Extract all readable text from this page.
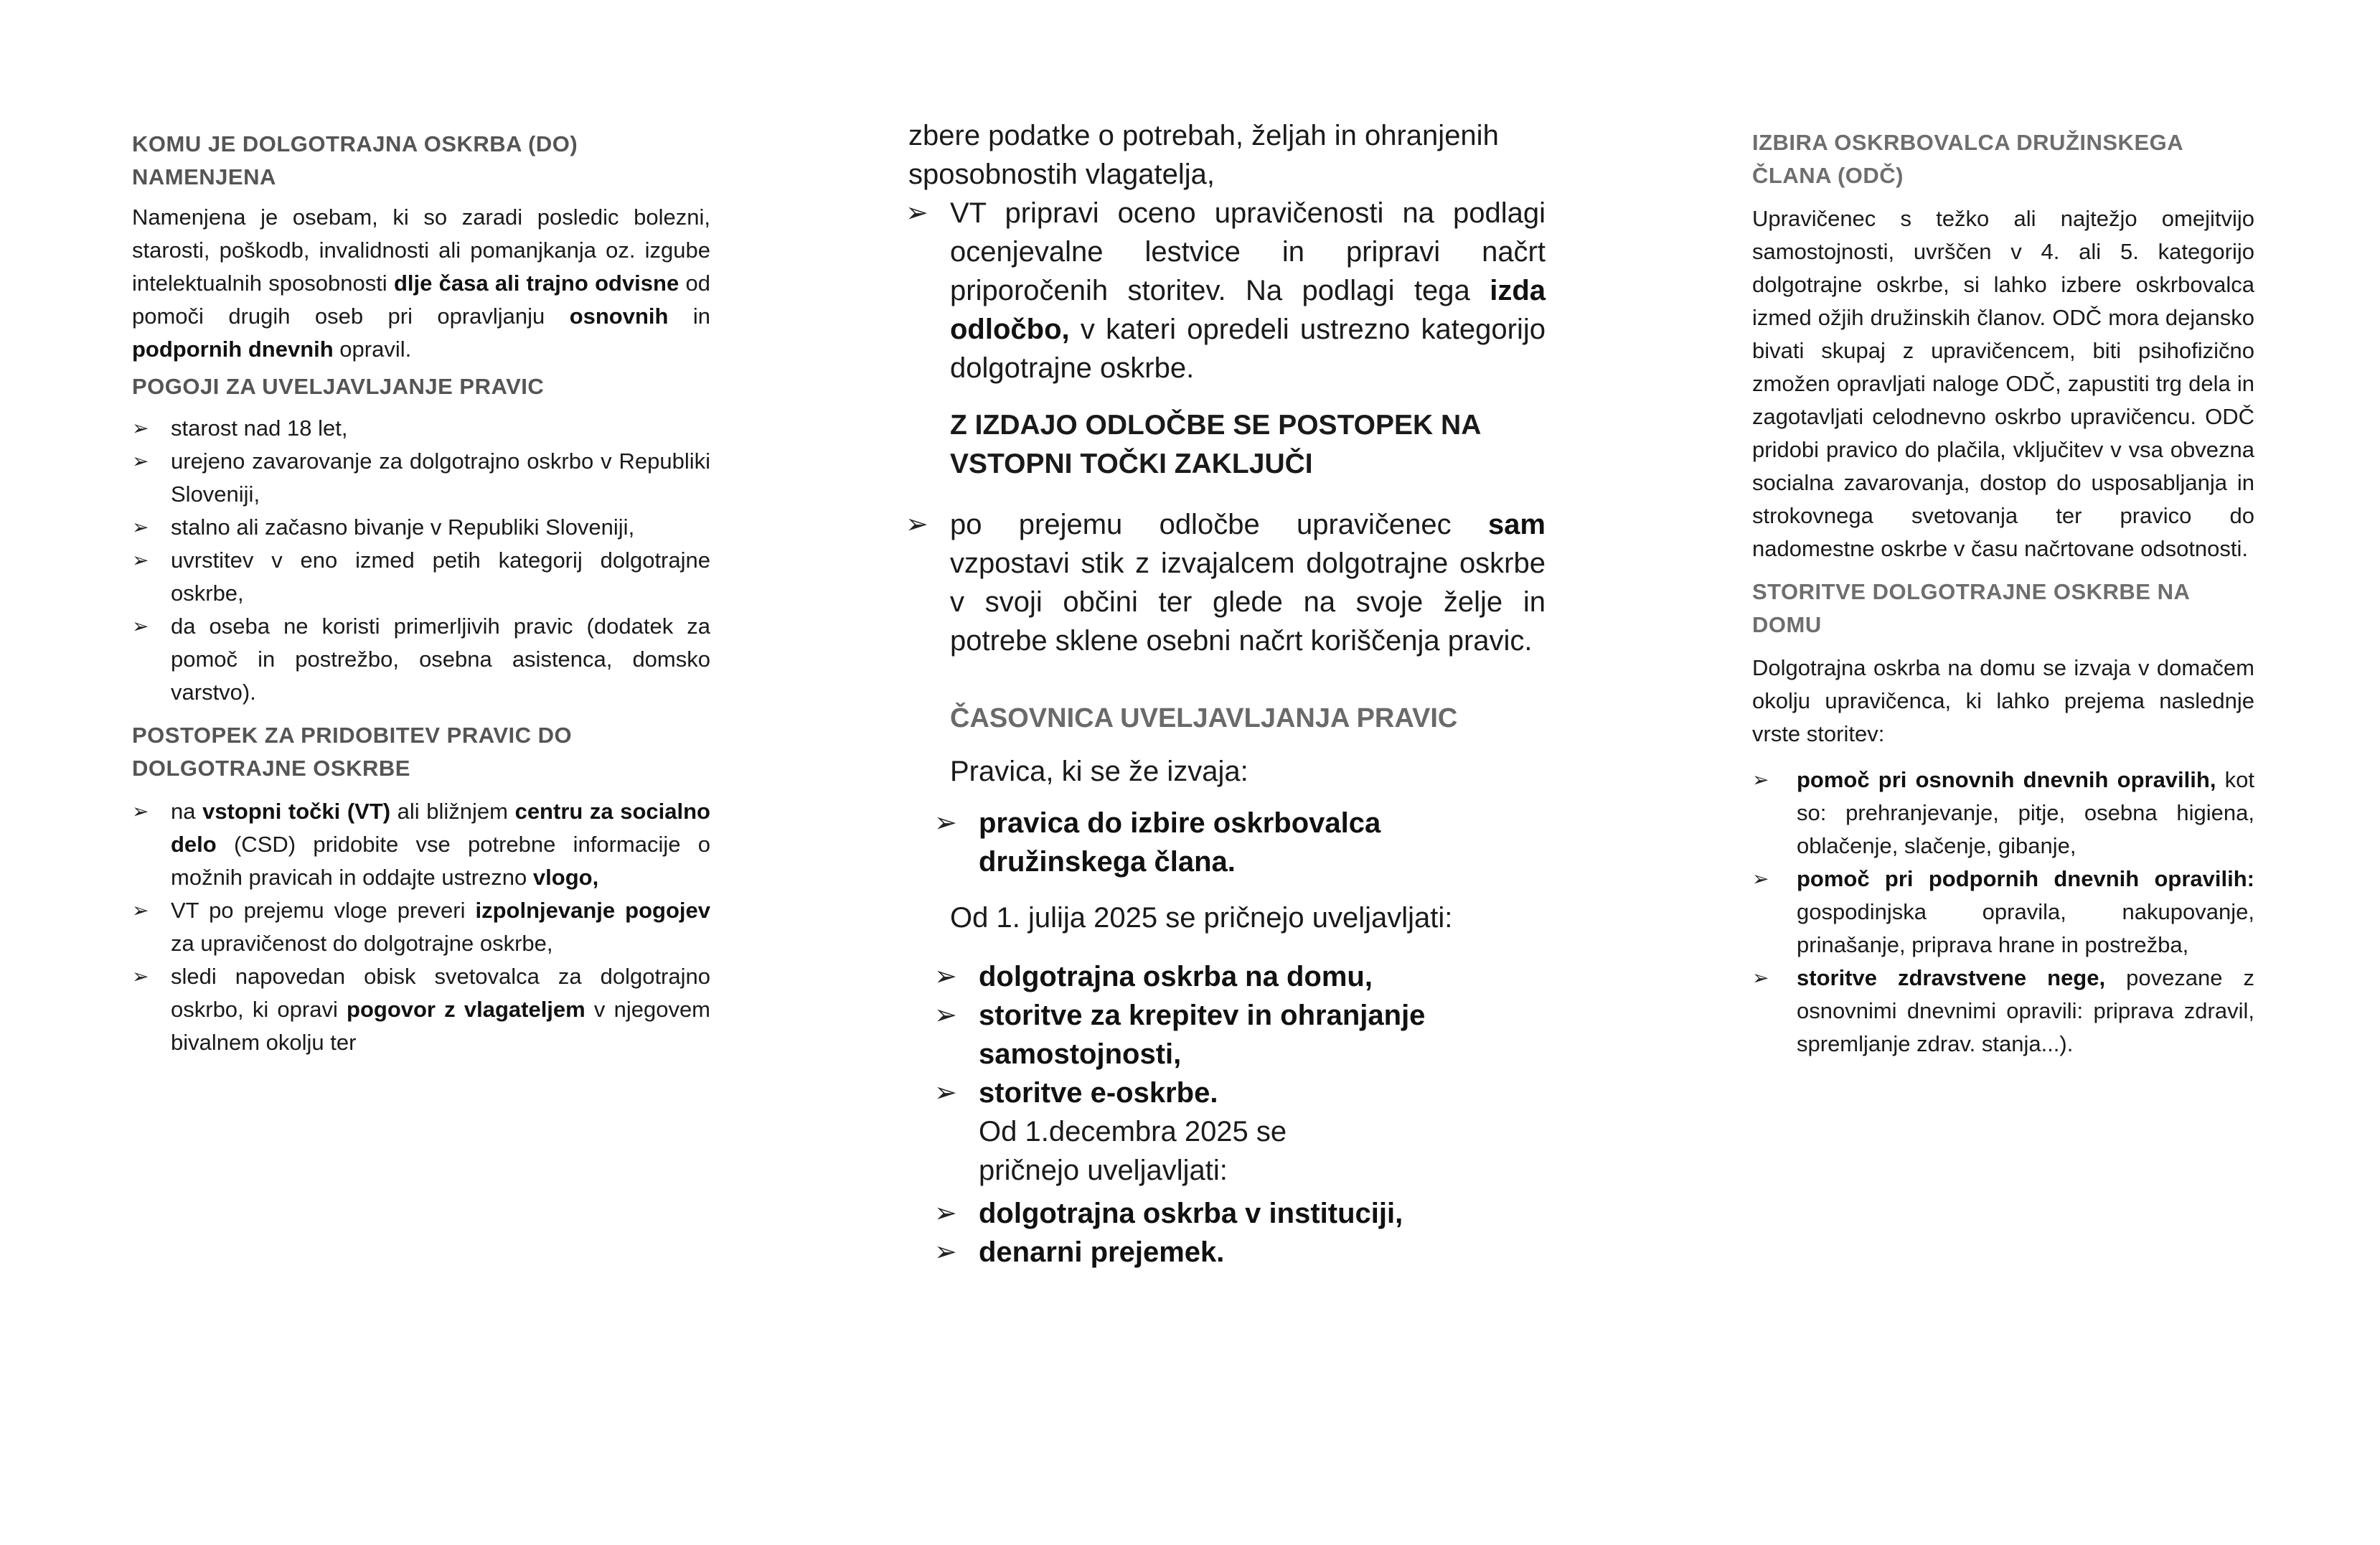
KOMU JE DOLGOTRAJNA OSKRBA (DO) NAMENJENA

Namenjena je osebam, ki so zaradi posledic bolezni, starosti, poškodb, invalidnosti ali pomanjkanja oz. izgube intelektualnih sposobnosti dlje časa ali trajno odvisne od pomoči drugih oseb pri opravljanju osnovnih in podpornih dnevnih opravil.

POGOJI ZA UVELJAVLJANJE PRAVIC
➢ starost nad 18 let,
➢ urejeno zavarovanje za dolgotrajno oskrbo v Republiki Sloveniji,
➢ stalno ali začasno bivanje v Republiki Sloveniji,
➢ uvrstitev v eno izmed petih kategorij dolgotrajne oskrbe,
➢ da oseba ne koristi primerljivih pravic (dodatek za pomoč in postrežbo, osebna asistenca, domsko varstvo).
POSTOPEK ZA PRIDOBITEV PRAVIC DO DOLGOTRAJNE OSKRBE
➢ na vstopni točki (VT) ali bližnjem centru za socialno delo (CSD) pridobite vse potrebne informacije o možnih pravicah in oddajte ustrezno vlogo,
➢ VT po prejemu vloge preveri izpolnjevanje pogojev za upravičenost do dolgotrajne oskrbe,
➢ sledi napovedan obisk svetovalca za dolgotrajno oskrbo, ki opravi pogovor z vlagateljem v njegovem bivalnem okolju ter

zbere podatke o potrebah, željah in ohranjenih sposobnostih vlagatelja,

➢ VT pripravi oceno upravičenosti na podlagi ocenjevalne lestvice in pripravi načrt priporočenih storitev. Na podlagi tega izda odločbo, v kateri opredeli ustrezno kategorijo dolgotrajne oskrbe.

Z IZDAJO ODLOČBE SE POSTOPEK NA VSTOPNI TOČKI ZAKLJUČI

➢ po prejemu odločbe upravičenec sam vzpostavi stik z izvajalcem dolgotrajne oskrbe v svoji občini ter glede na svoje želje in potrebe sklene osebni načrt koriščenja pravic.

ČASOVNICA UVELJAVLJANJA PRAVIC

Pravica, ki se že izvaja:

➢ pravica do izbire oskrbovalca družinskega člana.

Od 1. julija 2025 se pričnejo uveljavljati:

➢ dolgotrajna oskrba na domu,
➢ storitve za krepitev in ohranjanje samostojnosti,
➢ storitve e-oskrbe.

Od 1.decembra 2025 se pričnejo uveljavljati:

➢ dolgotrajna oskrba v instituciji,
➢ denarni prejemek.
IZBIRA OSKRBOVALCA DRUŽINSKEGA ČLANA (ODČ)

Upravičenec s težko ali najtežjo omejitvijo samostojnosti, uvrščen v 4. ali 5. kategorijo dolgotrajne oskrbe, si lahko izbere oskrbovalca izmed ožjih družinskih članov. ODČ mora dejansko bivati skupaj z upravičencem, biti psihofizično zmožen opravljati naloge ODČ, zapustiti trg dela in zagotavljati celodnevno oskrbo upravičencu. ODČ pridobi pravico do plačila, vključitev v vsa obvezna socialna zavarovanja, dostop do usposabljanja in strokovnega svetovanja ter pravico do nadomestne oskrbe v času načrtovane odsotnosti.

STORITVE DOLGOTRAJNE OSKRBE NA DOMU

Dolgotrajna oskrba na domu se izvaja v domačem okolju upravičenca, ki lahko prejema naslednje vrste storitev:

➢ pomoč pri osnovnih dnevnih opravilih, kot so: prehranjevanje, pitje, osebna higiena, oblačenje, slačenje, gibanje,
➢ pomoč pri podpornih dnevnih opravilih: gospodinjska opravila, nakupovanje, prinašanje, priprava hrane in postrežba,
➢ storitve zdravstvene nege, povezane z osnovnimi dnevnimi opravili: priprava zdravil, spremljanje zdrav. stanja...).
